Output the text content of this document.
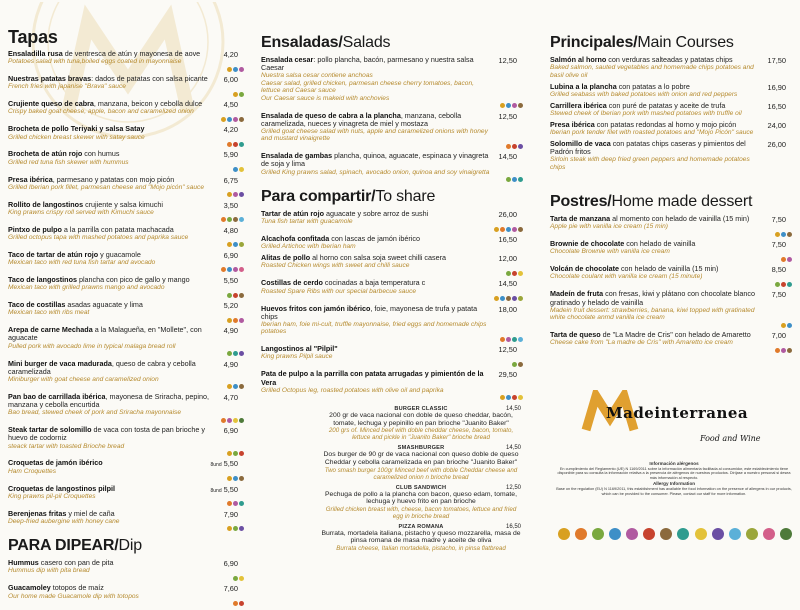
Tapas
Ensaladilla rusa de ventresca de atún y mayonesa de aove
Potatoes salad with tuna,boiled eggs coated in mayonnaise
4,20
Nuestras patatas bravas: dados de patatas con salsa picante
French fries with japanise "Brava" sauce
6,00
Crujiente queso de cabra, manzana, beicon y cebolla dulce
Crispy baked goat cheese, apple, bacon and caramelized onion
4,50
Brocheta de pollo Teriyaki y salsa Satay
Grilled chicken breast skewer with satay sauce
4,20
Brocheta de atún rojo con humus
Grilled red tuna fish skewer with hummus
5,90
Presa ibérica, parmesano y patatas con mojo picón
Grilled Iberian pork fillet, parmesan cheese and "Mojo picón" sauce
6,75
Rollito de langostinos crujiente y salsa kimuchi
King prawns crispy roll served with Kimuchi sauce
3,50
Pintxo de pulpo a la parrilla con patata machacada
Grilled octopus tapa with mashed potatoes and paprika sauce
4,80
Taco de tartar de atún rojo y guacamole
Mexican taco with red tuna fish tartar and avocado
6,90
Taco de langostinos plancha con pico de gallo y mango
Mexican taco with grilled prawns mango and avocado
5,50
Taco de costillas asadas aguacate y lima
Mexican taco with ribs meat
5,20
Arepa de carne Mechada a la Malagueña, en "Mollete", con aguacate
Pulled pork with avocado lime in typical malaga bread roll
4,90
Mini burger de vaca madurada, queso de cabra y cebolla caramelizada
Miniburger with goat cheese and caramelized onion
4,90
Pan bao de carrillada ibérica, mayonesa de Sriracha, pepino, manzana y cebolla encurtida
Bao bread, stewed cheek of pork and Sriracha mayonnaise
4,70
Steak tartar de solomillo de vaca con tosta de pan brioche y huevo de codorniz
steack tartar with toasted Brioche bread
6,90
Croquetas de jamón ibérico
Ham Croquettes
8und 5,50
Croquetas de langostinos pilpil
King prawns pil-pil Croquettes
8und 5,50
Berenjenas fritas y miel de caña
Deep-fried aubergine with honey cane
7,90
PARA DIPEAR/Dip
Hummus casero con pan de pita
Hummus dip with pita bread
6,90
Guacamoley totopos de maíz
Our home made Guacamole dip with totopos
7,60
Ensaladas/Salads
Ensalada cesar: pollo plancha, bacón, parmesano y nuestra salsa Caesar
Nuestra salsa cesar contiene anchoas
Caesar salad, grilled chicken, parmesan cheese cherry tomatoes, bacon, lettuce and Caesar sauce
Our Caesar sauce is makeid with anchovies
12,50
Ensalada de queso de cabra a la plancha, manzana, cebolla caramelizada, nueces y vinagreta de miel y mostaza
Grilled goat cheese salad with nuts, apple and caramelized onions with honey and mustard vinaigrette
12,50
Ensalada de gambas plancha, quinoa, aguacate, espinaca y vinagreta de soja y lima
Grilled King prawns salad, spinach, avocado onion, quinoa and soy vinaigretta
14,50
Para compartir/To share
Tartar de atún rojo aguacate y sobre arroz de sushi
Tuna fish tartar with guacamole
26,00
Alcachofa confitada con lascas de jamón ibérico
Grilled Artichoc with Iberian ham
16,50
Alitas de pollo al horno con salsa soja sweet chilli casera
Roasted Chicken wings with sweet and chilli sauce
12,00
Costillas de cerdo cocinadas a baja temperatura c
Roasted Spare Ribs with our special barbecue sauce
14,50
Huevos fritos con jamón ibérico, foie, mayonesa de trufa y patata chips
Iberian ham, foie mi-cuit, truffle mayonnaise, fried eggs and homemade chips potatoes
18,00
Langostinos al "Pilpil"
King prawns Pilpil sauce
12,50
Pata de pulpo a la parrilla con patata arrugadas y pimientón de la Vera
Grilled Octopus leg, roasted potatoes with olive oil and paprika
29,50
BURGER CLASSIC	14,50
200 gr de vaca nacional con doble de queso cheddar, bacón, tomate, lechuga y pepinillo en pan brioche "Juanito Baker"
200 grs of. Minced beef with doble cheddar cheese, bacon, tomato, lettuce and pickle in "Juanito Baker" brioche bread
SMASHBURGER	14,50
Dos burger de 90 gr de vaca nacional con queso doble de queso Cheddar y cebolla caramelizada en pan brioche "Juanito Baker"
Two smash burger 100gr Minced beef with doble Cheddar cheese and caramelized onion n brioche bread
CLUB SANDWICH	12,50
Pechuga de pollo a la plancha con bacon, queso edam, tomate, lechuga y huevo frito en pan brioche
Grilled chicken breast with, cheese, bacon tomatoes, lettuce and fried egg in brioche bread
PIZZA ROMANA	16,50
Burrata, mortadela italiana, pistacho y queso mozzarella, masa de pinsa romana de masa madre y aceite de oliva
Burrata cheese, Italian mortadella, pistacho, in pinsa flatbread
Principales/Main Courses
Salmón al horno con verduras salteadas y patatas chips
Baked salmon, sauted vegetables and homemade chips potatoes and basil olive oil
17,50
Lubina a la plancha con patatas a lo pobre
Grilled seabass with baked potatoes with onion and red peppers
16,90
Carrillera ibérica con puré de patatas y aceite de trufa
Stewed cheek of Iberian pork with mashed potatoes with truffle oil
16,50
Presa ibérica con patatas redondas al horno y mojo picón
Iberian pork tender filet with roasted potatoes and "Mojo Picón" sauce
24,00
Solomillo de vaca con patatas chips caseras y pimientos del Padrón fritos
Sirloin steak with deep fried green peppers and homemade potatoes chips
26,00
Postres/Home made dessert
Tarta de manzana al momento con helado de vainilla (15 min)
Apple pie with vanilla ice cream (15 min)
7,50
Brownie de chocolate con helado de vainilla
Chocolate Brownie with vanilla ice cream
7,50
Volcán de chocolate con helado de vainilla (15 min)
Chocolate coulant with vanilla ice cream (15 minute)
8,50
Madeín de fruta con fresas, kiwi y plátano con chocolate blanco gratinado y helado de vainilla
Madein fruit dessert: strawberries, banana, kiwi topped with gratinated white chocolate anmd vanilla ice cream
7,50
Tarta de queso de "La Madre de Cris" con helado de Amaretto
Cheese cake from "La madre de Cris" with Amaretto ice cream
7,00
Madeinterranea
Food and Wine
Información alérgenos
En cumplimiento del Reglamento (UE) N 1169/2011 sobre la información alimentaria facilitada al consumidor, este establecimiento tiene disponible para su consulta la información relativa a la presencia de alérgenos de nuestros productos. Diríjase a nuestro personal si desea más información al respecto.
Allergy Information
Base on the regulation (EU) N 1169/2011, this establishment has available the food information on the presence of allergens in our products, which can be provided to the consumer. Please, contact our staff for more information.
